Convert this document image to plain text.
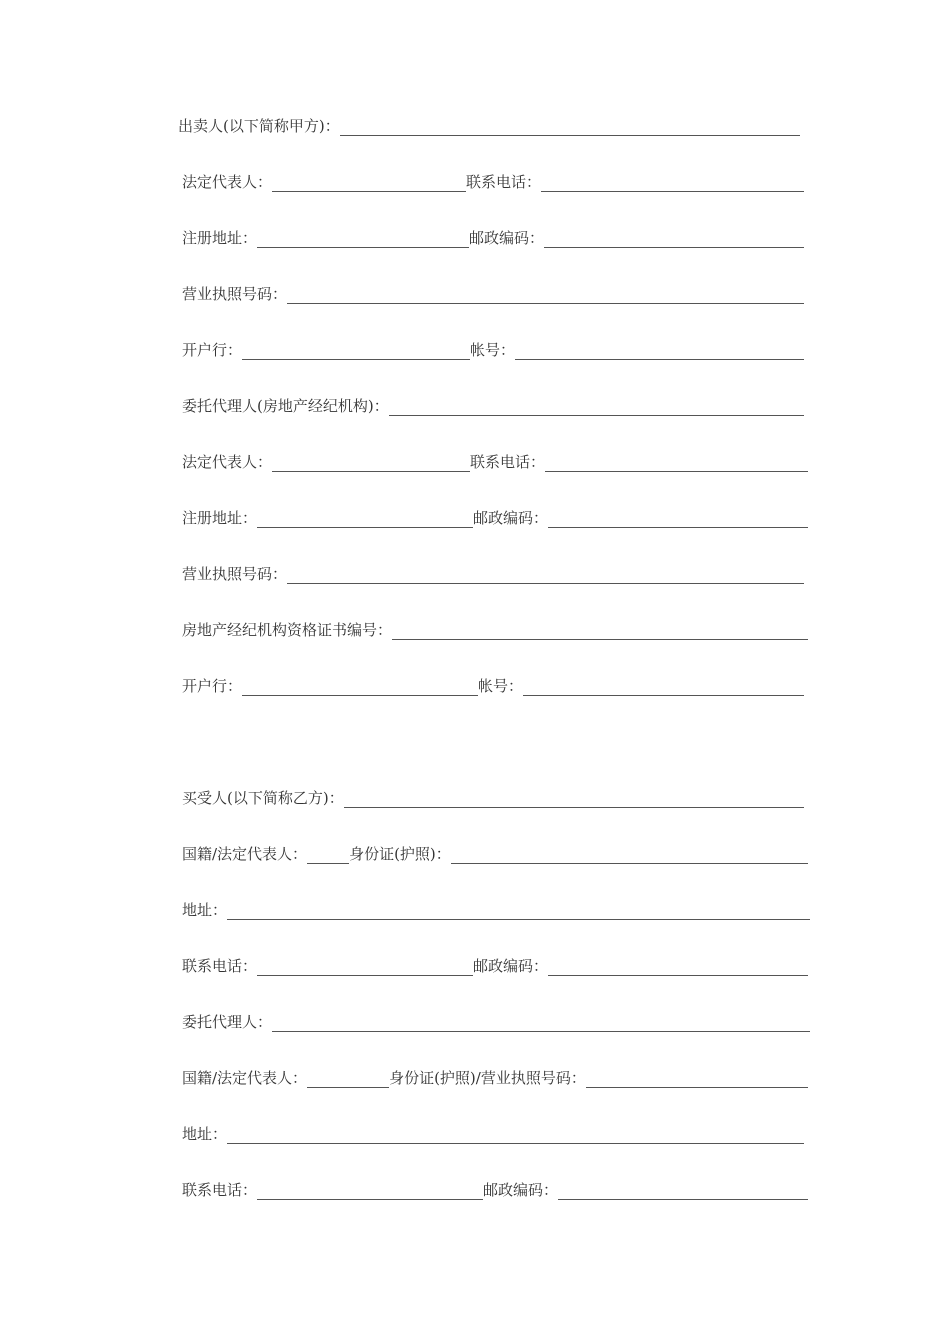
出卖人(以下简称甲方)：
法定代表人：	联系电话：
注册地址：	邮政编码：
营业执照号码：
开户行：	帐号：
委托代理人(房地产经纪机构)：
法定代表人：	联系电话：
注册地址：	邮政编码：
营业执照号码：
房地产经纪机构资格证书编号：
开户行：	帐号：
买受人(以下简称乙方)：
国籍/法定代表人：	身份证(护照)：
地址：
联系电话：	邮政编码：
委托代理人：
国籍/法定代表人：	身份证(护照)/营业执照号码：
地址：
联系电话：	邮政编码：
